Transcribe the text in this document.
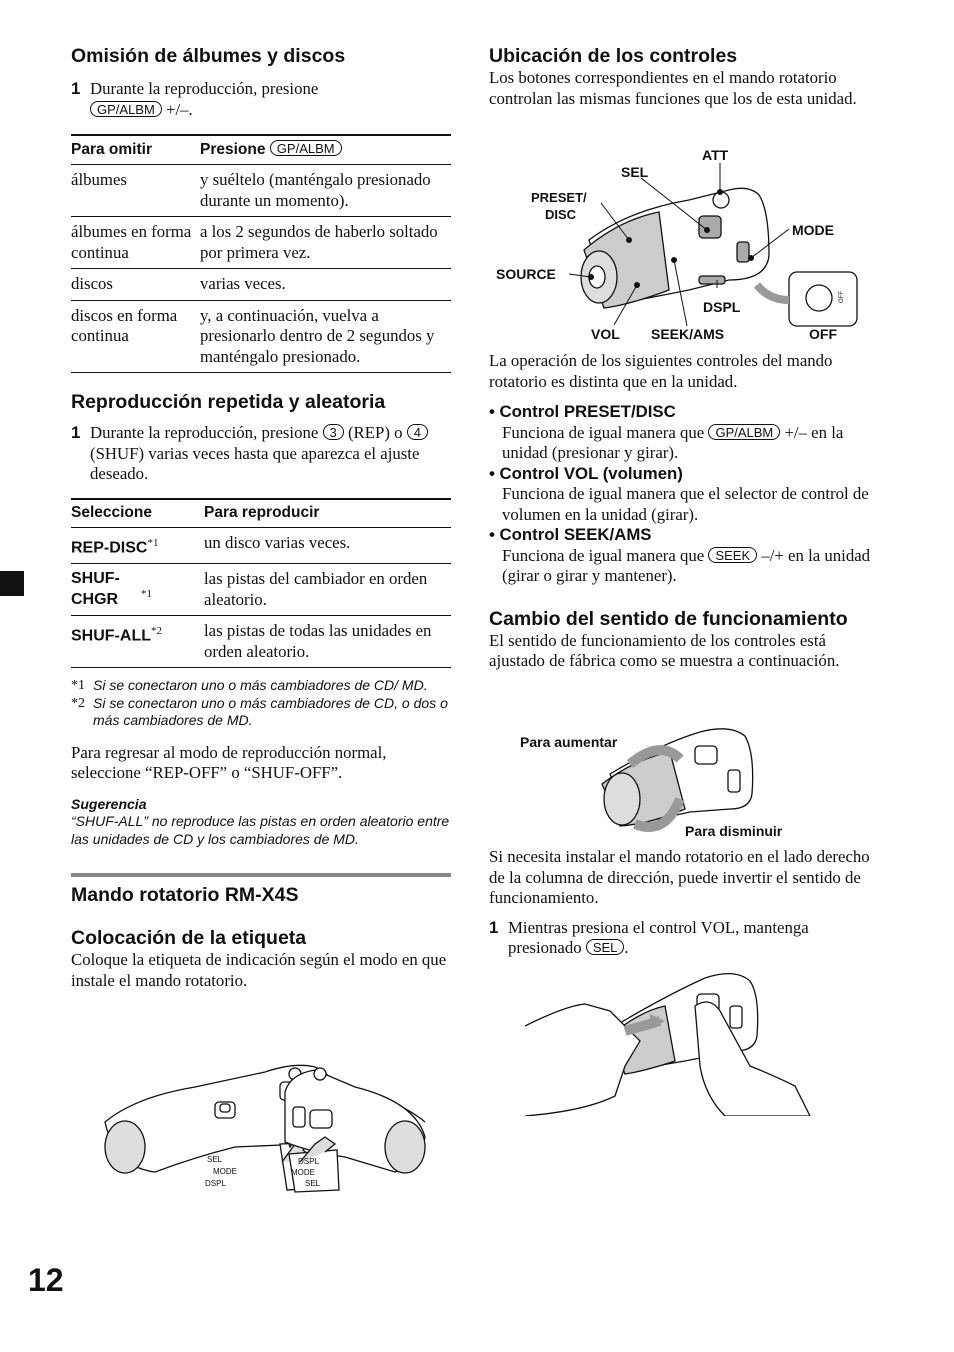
Omisión de álbumes y discos
1 Durante la reproducción, presione
GP/ALBM +/–.
Para omitir	Presione GP/ALBM
álbumes	y suéltelo (manténgalo presionado durante un momento).
álbumes en forma continua	a los 2 segundos de haberlo soltado por primera vez.
discos	varias veces.
discos en forma continua	y, a continuación, vuelva a presionarlo dentro de 2 segundos y manténgalo presionado.
Reproducción repetida y aleatoria
1 Durante la reproducción, presione 3 (REP) o 4 (SHUF) varias veces hasta que aparezca el ajuste deseado.
Seleccione	Para reproducir
REP-DISC$^{*1}$	un disco varias veces.
SHUF-CHGR $^{*1}$	las pistas del cambiador en orden aleatorio.
SHUF-ALL$^{*2}$	las pistas de todas las unidades en orden aleatorio.
*1 Si se conectaron uno o más cambiadores de CD/ MD.
*2 Si se conectaron uno o más cambiadores de CD, o dos o más cambiadores de MD.

Para regresar al modo de reproducción normal, seleccione “REP-OFF” o “SHUF-OFF”.

Sugerencia
“SHUF-ALL” no reproduce las pistas en orden aleatorio entre las unidades de CD y los cambiadores de MD.
Mando rotatorio RM-X4S
Colocación de la etiqueta

Coloque la etiqueta de indicación según el modo en que instale el mando rotatorio.

SEL
MODE
DSPL
DSPL
MODE
SEL
Ubicación de los controles

Los botones correspondientes en el mando rotatorio controlan las mismas funciones que los de esta unidad.

ATT
SEL
PRESET/
DISC
MODE
SOURCE
DSPL
VOL SEEK/AMS	OFF
OFF

La operación de los siguientes controles del mando rotatorio es distinta que en la unidad.

• Control PRESET/DISC
Funciona de igual manera que GP/ALBM +/– en la unidad (presionar y girar).
• Control VOL (volumen)
Funciona de igual manera que el selector de control de volumen en la unidad (girar).
• Control SEEK/AMS
Funciona de igual manera que SEEK –/+ en la unidad (girar o girar y mantener).
Cambio del sentido de funcionamiento

El sentido de funcionamiento de los controles está ajustado de fábrica como se muestra a continuación.

Para aumentar
Para disminuir

Si necesita instalar el mando rotatorio en el lado derecho de la columna de dirección, puede invertir el sentido de funcionamiento.

1 Mientras presiona el control VOL, mantenga presionado SEL .
12
